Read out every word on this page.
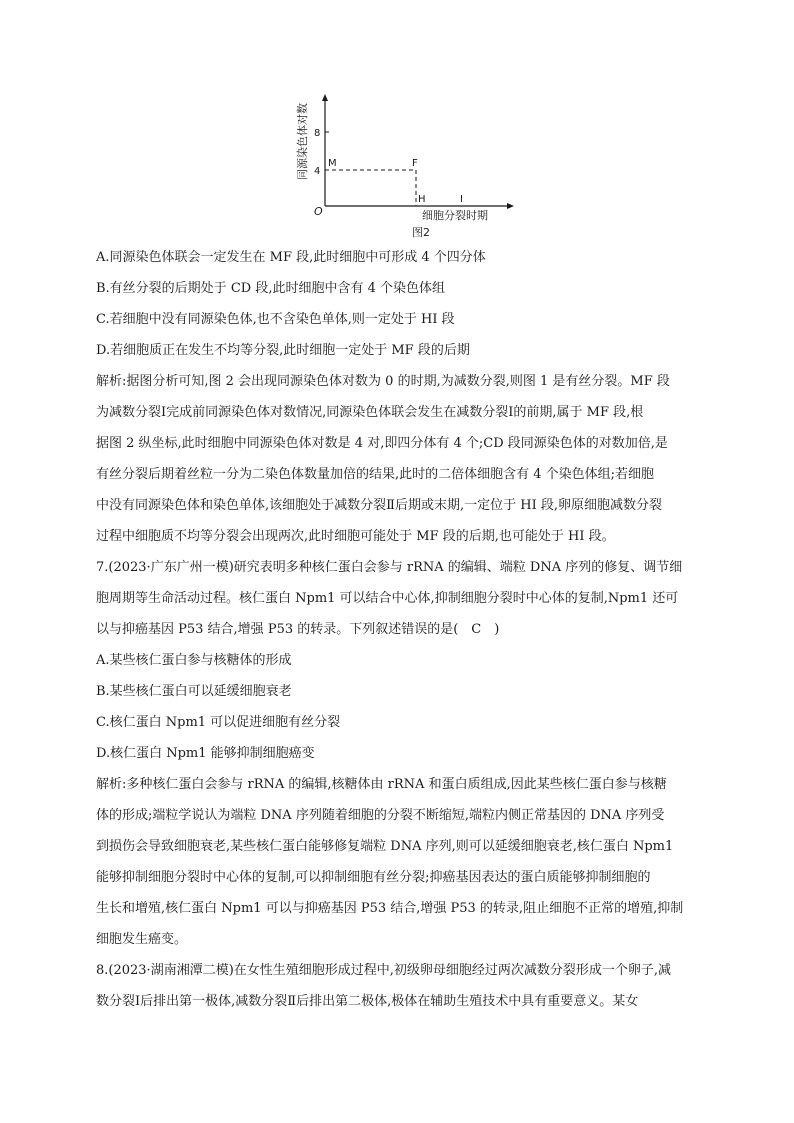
8
4
同源染色体对数
O
M	F
H	I
细胞分裂时期
图2
A.同源染色体联会一定发生在 MF 段,此时细胞中可形成 4 个四分体
B.有丝分裂的后期处于 CD 段,此时细胞中含有 4 个染色体组
C.若细胞中没有同源染色体,也不含染色单体,则一定处于 HI 段
D.若细胞质正在发生不均等分裂,此时细胞一定处于 MF 段的后期
解析:据图分析可知,图 2 会出现同源染色体对数为 0 的时期,为减数分裂,则图 1 是有丝分裂。MF 段
为减数分裂Ⅰ完成前同源染色体对数情况,同源染色体联会发生在减数分裂Ⅰ的前期,属于 MF 段,根
据图 2 纵坐标,此时细胞中同源染色体对数是 4 对,即四分体有 4 个;CD 段同源染色体的对数加倍,是
有丝分裂后期着丝粒一分为二染色体数量加倍的结果,此时的二倍体细胞含有 4 个染色体组;若细胞
中没有同源染色体和染色单体,该细胞处于减数分裂Ⅱ后期或末期,一定位于 HI 段,卵原细胞减数分裂
过程中细胞质不均等分裂会出现两次,此时细胞可能处于 MF 段的后期,也可能处于 HI 段。
7.(2023·广东广州一模)研究表明多种核仁蛋白会参与 rRNA 的编辑、端粒 DNA 序列的修复、调节细
胞周期等生命活动过程。核仁蛋白 Npm1 可以结合中心体,抑制细胞分裂时中心体的复制,Npm1 还可
以与抑癌基因 P53 结合,增强 P53 的转录。下列叙述错误的是(　C　)
A.某些核仁蛋白参与核糖体的形成
B.某些核仁蛋白可以延缓细胞衰老
C.核仁蛋白 Npm1 可以促进细胞有丝分裂
D.核仁蛋白 Npm1 能够抑制细胞癌变
解析:多种核仁蛋白会参与 rRNA 的编辑,核糖体由 rRNA 和蛋白质组成,因此某些核仁蛋白参与核糖
体的形成;端粒学说认为端粒 DNA 序列随着细胞的分裂不断缩短,端粒内侧正常基因的 DNA 序列受
到损伤会导致细胞衰老,某些核仁蛋白能够修复端粒 DNA 序列,则可以延缓细胞衰老,核仁蛋白 Npm1
能够抑制细胞分裂时中心体的复制,可以抑制细胞有丝分裂;抑癌基因表达的蛋白质能够抑制细胞的
生长和增殖,核仁蛋白 Npm1 可以与抑癌基因 P53 结合,增强 P53 的转录,阻止细胞不正常的增殖,抑制
细胞发生癌变。
8.(2023·湖南湘潭二模)在女性生殖细胞形成过程中,初级卵母细胞经过两次减数分裂形成一个卵子,减
数分裂Ⅰ后排出第一极体,减数分裂Ⅱ后排出第二极体,极体在辅助生殖技术中具有重要意义。某女
